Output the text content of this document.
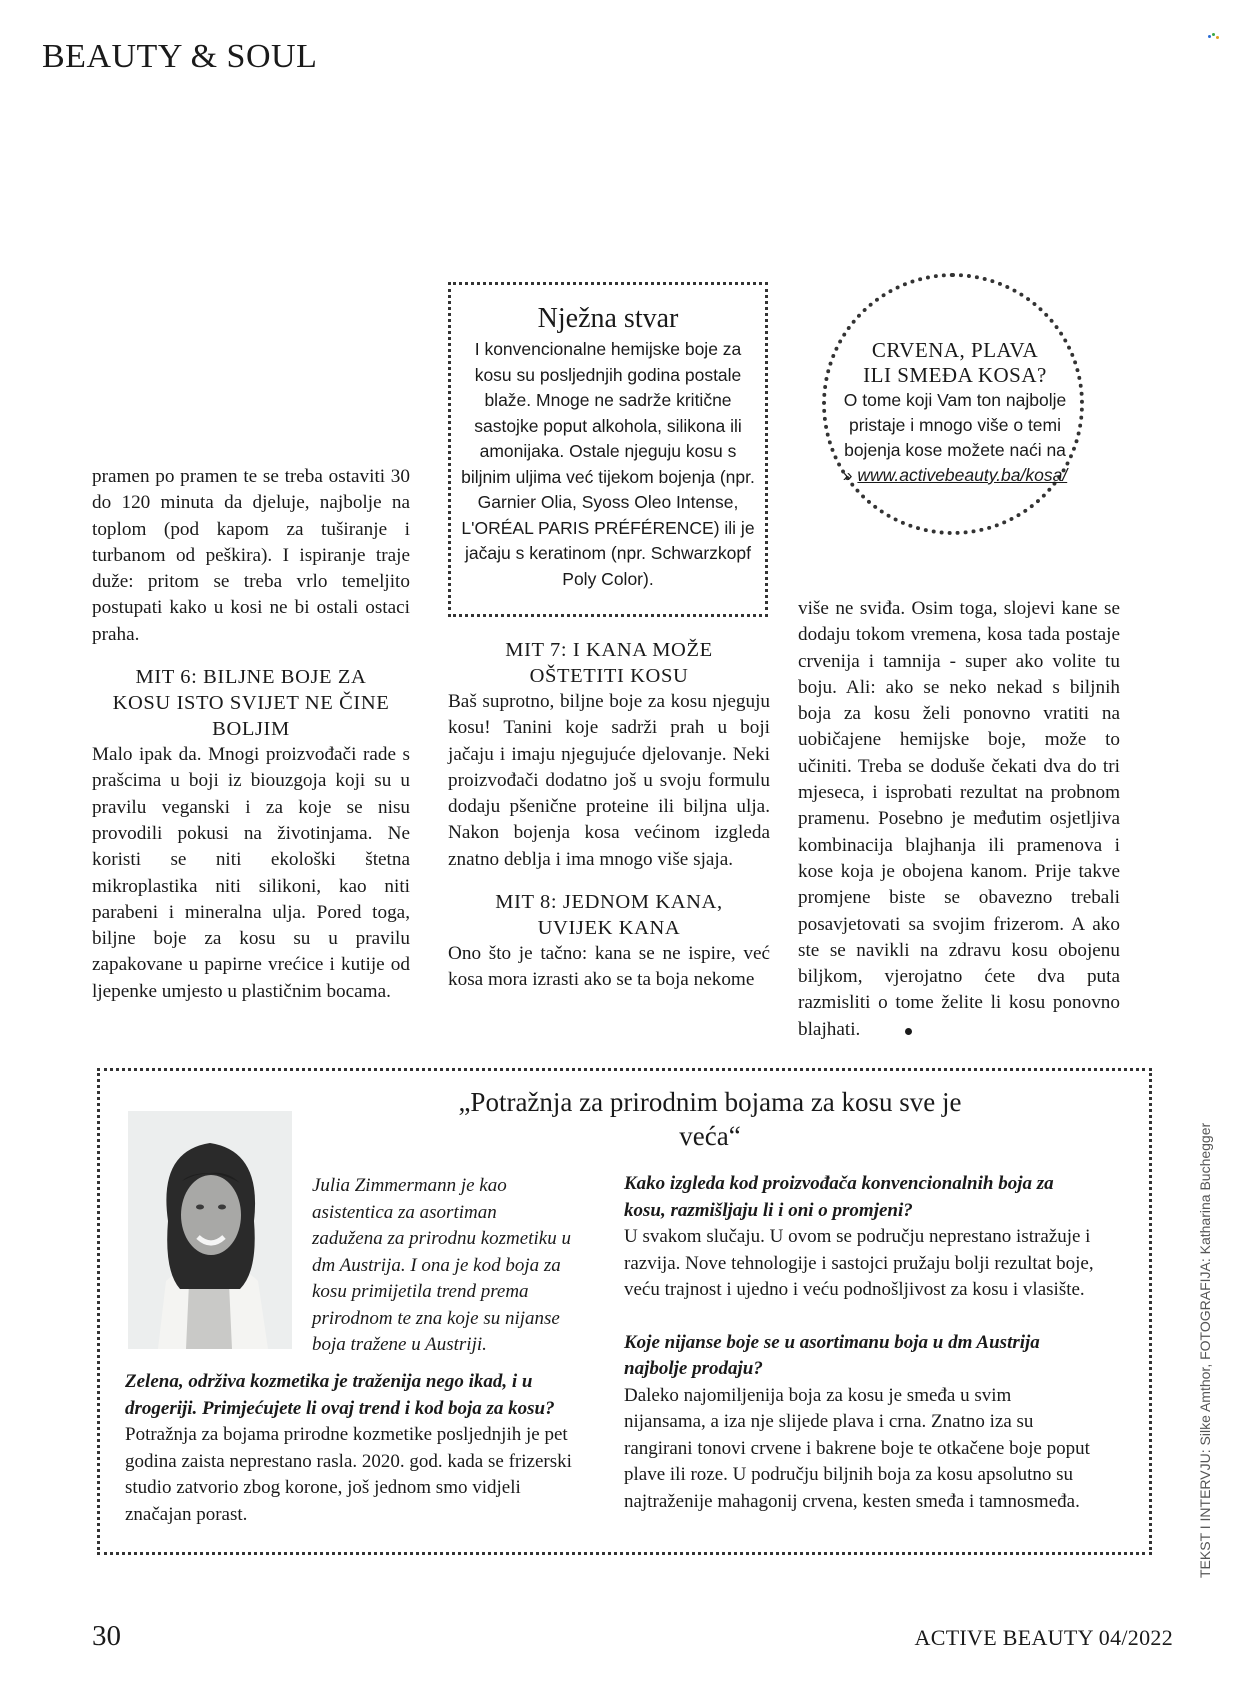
BEAUTY & SOUL

pramen po pramen te se treba ostaviti 30 do 120 minuta da djeluje, najbolje na toplom (pod kapom za tuširanje i turbanom od peškira). I ispiranje traje duže: pritom se treba vrlo temeljito postupati kako u kosi ne bi ostali ostaci praha.

MIT 6: BILJNE BOJE ZA KOSU ISTO SVIJET NE ČINE BOLJIM

Malo ipak da. Mnogi proizvođači rade s prašcima u boji iz biouzgoja koji su u pravilu veganski i za koje se nisu provodili pokusi na životinjama. Ne koristi se niti ekološki štetna mikroplastika niti silikoni, kao niti parabeni i mineralna ulja. Pored toga, biljne boje za kosu su u pravilu zapakovane u papirne vrećice i kutije od ljepenke umjesto u plastičnim bocama.

Nježna stvar
I konvencionalne hemijske boje za kosu su posljednjih godina postale blaže. Mnoge ne sadrže kritične sastojke poput alkohola, silikona ili amonijaka. Ostale njeguju kosu s biljnim uljima već tijekom bojenja (npr. Garnier Olia, Syoss Oleo Intense, L'ORÉAL PARIS PRÉFÉRENCE) ili je jačaju s keratinom (npr. Schwarzkopf Poly Color).
MIT 7: I KANA MOŽE OŠTETITI KOSU

Baš suprotno, biljne boje za kosu njeguju kosu! Tanini koje sadrži prah u boji jačaju i imaju njegujuće djelovanje. Neki proizvođači dodatno još u svoju formulu dodaju pšenične proteine ili biljna ulja. Nakon bojenja kosa većinom izgleda znatno deblja i ima mnogo više sjaja.

MIT 8: JEDNOM KANA, UVIJEK KANA

Ono što je tačno: kana se ne ispire, već kosa mora izrasti ako se ta boja nekome

CRVENA, PLAVA
ILI SMEĐA KOSA?
O tome koji Vam ton najbolje pristaje i mnogo više o temi bojenja kose možete naći na
» www.activebeauty.ba/kosa/

više ne sviđa. Osim toga, slojevi kane se dodaju tokom vremena, kosa tada postaje crvenija i tamnija - super ako volite tu boju. Ali: ako se neko nekad s biljnih boja za kosu želi ponovno vratiti na uobičajene hemijske boje, može to učiniti. Treba se doduše čekati dva do tri mjeseca, i isprobati rezultat na probnom pramenu. Posebno je međutim osjetljiva kombinacija blajhanja ili pramenova i kose koja je obojena kanom. Prije takve promjene biste se obavezno trebali posavjetovati sa svojim frizerom. A ako ste se navikli na zdravu kosu obojenu biljkom, vjerojatno ćete dva puta razmisliti o tome želite li kosu ponovno blajhati.

„Potražnja za prirodnim bojama za kosu sve je veća“
Julia Zimmermann je kao asistentica za asortiman zadužena za prirodnu kozmetiku u dm Austrija. I ona je kod boja za kosu primijetila trend prema prirodnom te zna koje su nijanse boja tražene u Austriji.

Zelena, održiva kozmetika je traženija nego ikad, i u drogeriji. Primjećujete li ovaj trend i kod boja za kosu?

Potražnja za bojama prirodne kozmetike posljednjih je pet godina zaista neprestano rasla. 2020. god. kada se frizerski studio zatvorio zbog korone, još jednom smo vidjeli značajan porast.

Kako izgleda kod proizvođača konvencionalnih boja za kosu, razmišljaju li i oni o promjeni?

U svakom slučaju. U ovom se području neprestano istražuje i razvija. Nove tehnologije i sastojci pružaju bolji rezultat boje, veću trajnost i ujedno i veću podnošljivost za kosu i vlasište.

Koje nijanse boje se u asortimanu boja u dm Austrija najbolje prodaju?

Daleko najomiljenija boja za kosu je smeđa u svim nijansama, a iza nje slijede plava i crna. Znatno iza su rangirani tonovi crvene i bakrene boje te otkačene boje poput plave ili roze. U području biljnih boja za kosu apsolutno su najtraženije mahagonij crvena, kesten smeđa i tamnosmeđa.	TEKST I INTERVJU: Silke Amthor, FOTOGRAFIJA: Katharina Buchegger
30	ACTIVE BEAUTY 04/2022
